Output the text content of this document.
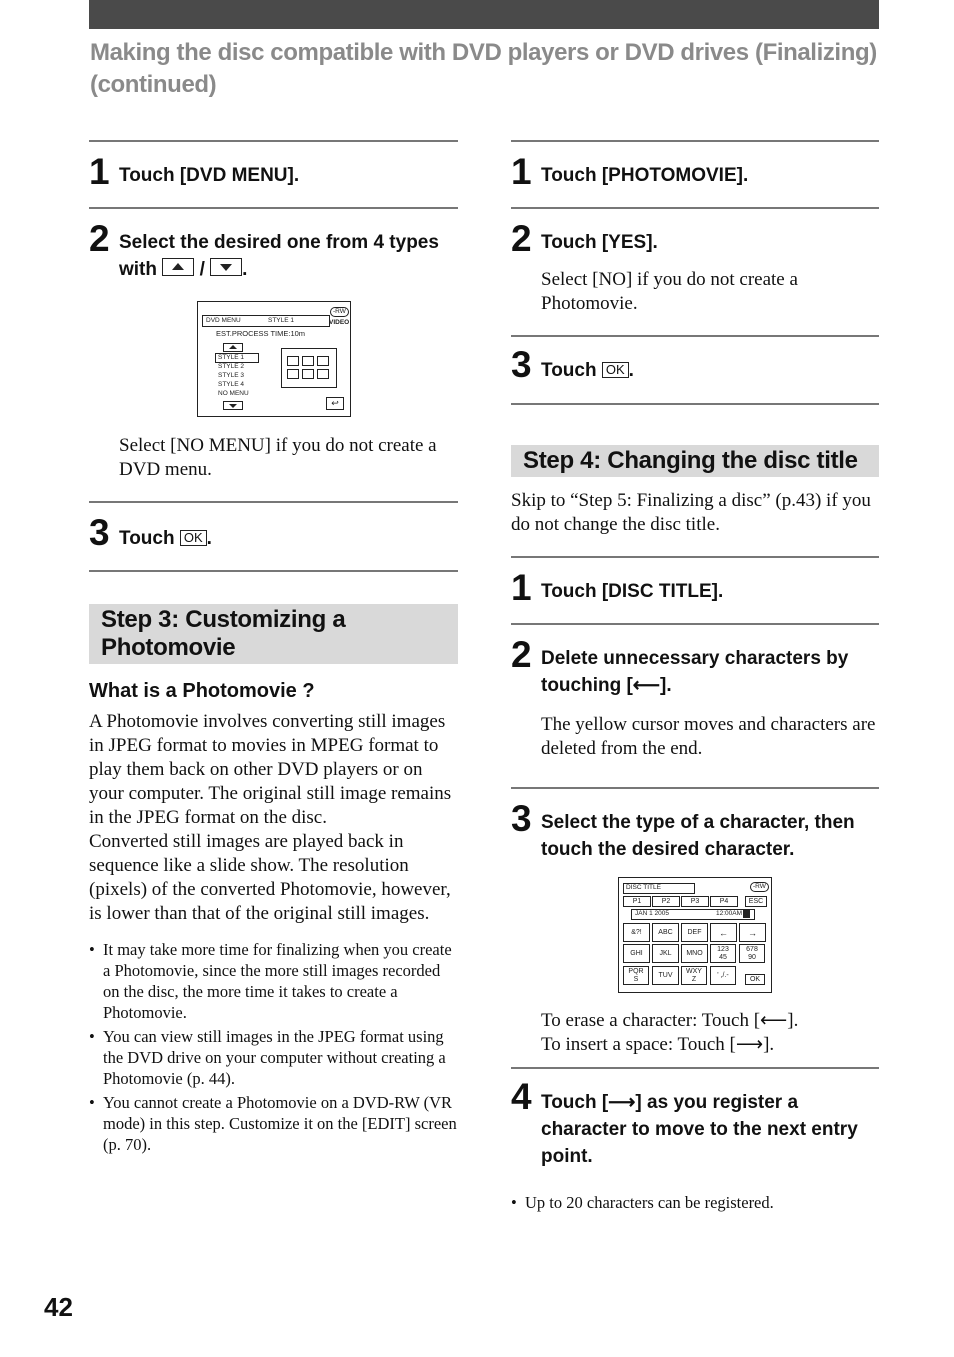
Making the disc compatible with DVD players or DVD drives (Finalizing) (continued)
1 Touch [DVD MENU].
2 Select the desired one from 4 types with / .
DVD MENU	STYLE 1
-RW
VIDEO
EST.PROCESS TIME:10m
STYLE 1
STYLE 2
STYLE 3
STYLE 4
NO MENU
↩
Select [NO MENU] if you do not create a DVD menu.
3 Touch OK .
Step 3: Customizing a Photomovie
What is a Photomovie ?
A Photomovie involves converting still images in JPEG format to movies in MPEG format to play them back on other DVD players or on your computer. The original still image remains in the JPEG format on the disc.
Converted still images are played back in sequence like a slide show. The resolution (pixels) of the converted Photomovie, however, is lower than that of the original still images.
• It may take more time for finalizing when you create a Photomovie, since the more still images recorded on the disc, the more time it takes to create a Photomovie.
• You can view still images in the JPEG format using the DVD drive on your computer without creating a Photomovie (p. 44).
• You cannot create a Photomovie on a DVD-RW (VR mode) in this step. Customize it on the [EDIT] screen (p. 70).
1 Touch [PHOTOMOVIE].
2 Touch [YES].
Select [NO] if you do not create a Photomovie.
3 Touch OK .
Step 4: Changing the disc title
Skip to “Step 5: Finalizing a disc” (p.43) if you do not change the disc title.
1 Touch [DISC TITLE].
2 Delete unnecessary characters by touching [⟵].
The yellow cursor moves and characters are deleted from the end.
3 Select the type of a character, then touch the desired character.
DISC TITLE	-RW
P1	P2	P3	P4	ESC
JAN 1 2005	12:00AM
&?!	ABC	DEF	←	→
GHI	JKL	MNO
123 45
678 90
PQR S
TUV
WXY Z
' ,/.-
OK
To erase a character: Touch [⟵].
To insert a space: Touch [⟶].
4 Touch [⟶] as you register a character to move to the next entry point.
• Up to 20 characters can be registered.
42
